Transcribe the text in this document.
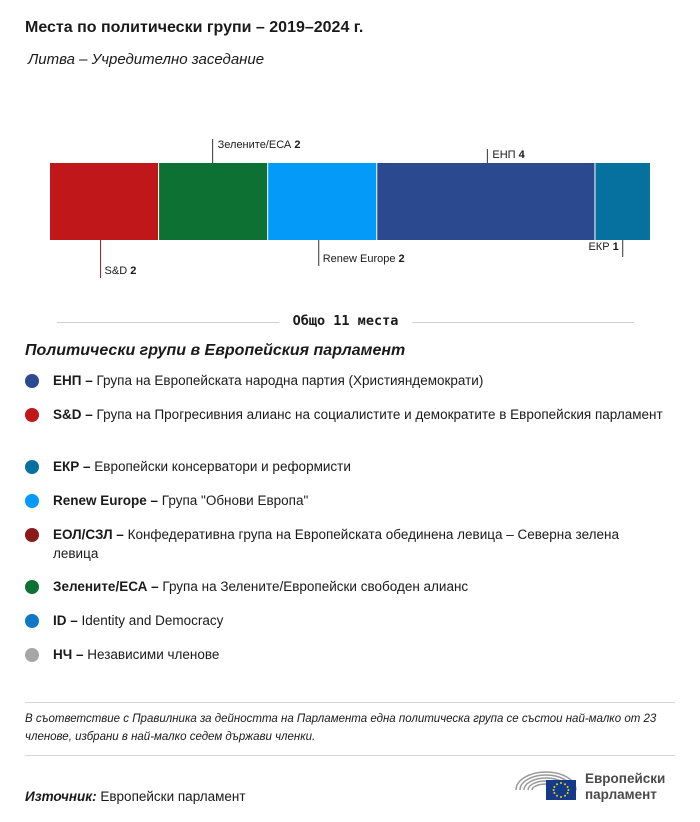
Места по политически групи – 2019–2024 г.
Литва – Учредително заседание
S&D 2
Зелените/ЕСА 2
Renew Europe 2
ЕНП 4
ЕКР 1
Общо 11 места
Политически групи в Европейския парламент
ЕНП – Група на Европейската народна партия (Християндемократи)
S&D – Група на Прогресивния алианс на социалистите и демократите в Европейския парламент
ЕКР – Европейски консерватори и реформисти
Renew Europe – Група "Обнови Европа"
ЕОЛ/СЗЛ – Конфедеративна група на Европейската обединена левица – Северна зелена левица
Зелените/ЕСА – Група на Зелените/Европейски свободен алианс
ID – Identity and Democracy
НЧ – Независими членове
В съответствие с Правилника за дейността на Парламента една политическа група се състои най-малко от 23 членове, избрани в най-малко седем държави членки.
Източник: Европейски парламент
Европейски
парламент
